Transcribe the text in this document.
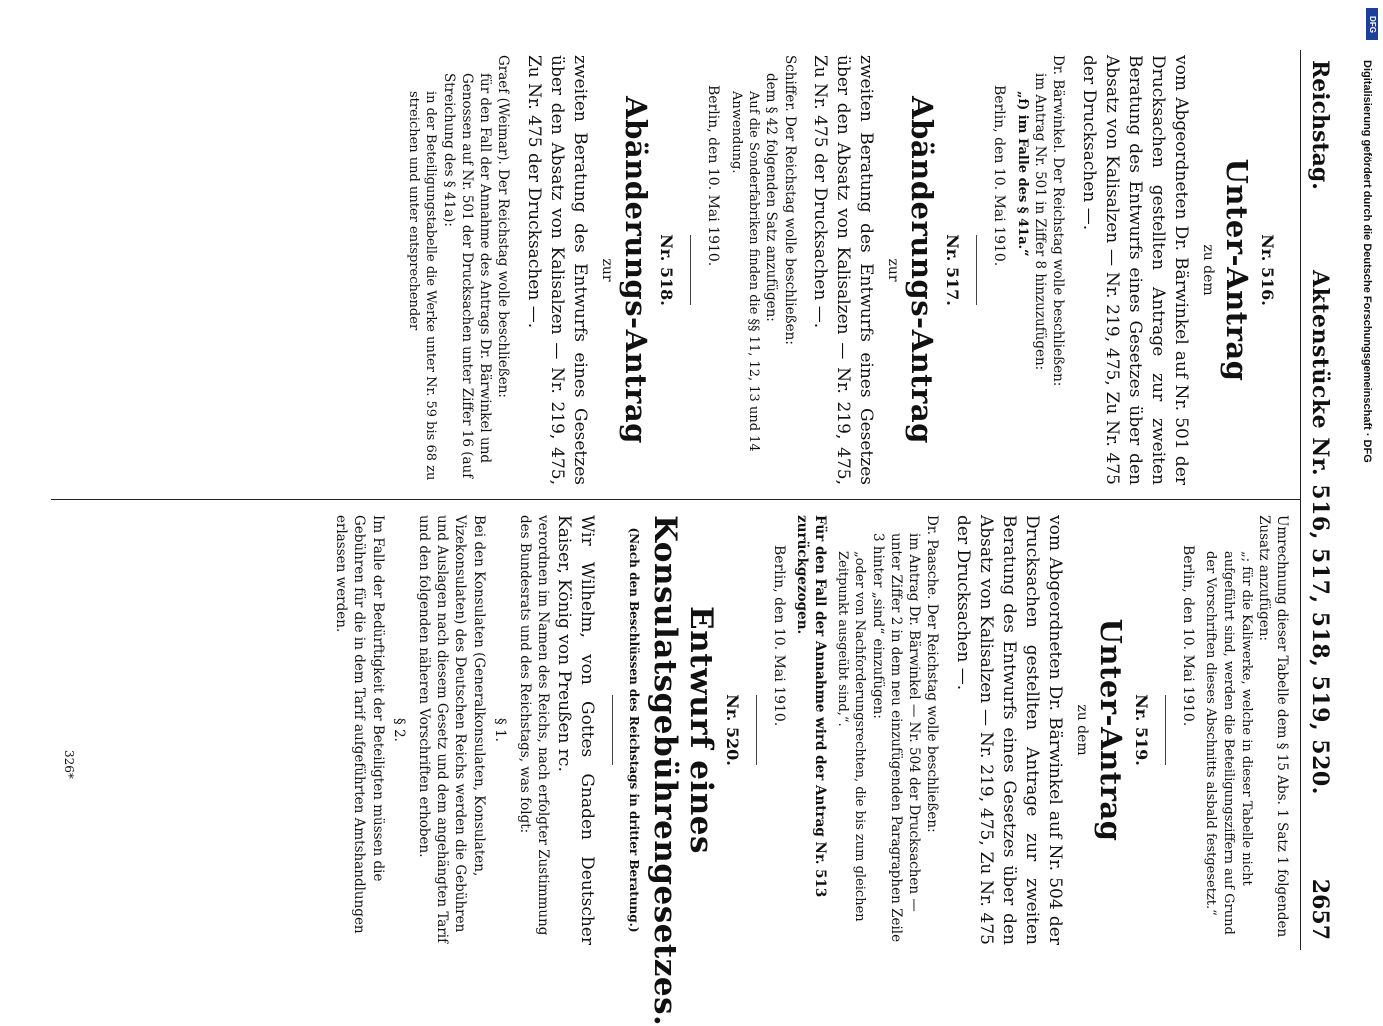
Reichstag.
Aktenstücke Nr. 516, 517, 518, 519, 520.
2657
Nr. 516.
Unter-Antrag
zu dem
vom Abgeordneten Dr. Bärwinkel auf Nr. 501 der Drucksachen gestellten Antrage zur zweiten Beratung des Entwurfs eines Gesetzes über den Absatz von Kalisalzen — Nr. 219, 475, Zu Nr. 475 der Drucksachen —.
Dr. Bärwinkel. Der Reichstag wolle beschließen:
im Antrag Nr. 501 in Ziffer 8 hinzuzufügen:
„f) im Falle des § 41a.“
Berlin, den 10. Mai 1910.
Nr. 517.
Abänderungs-Antrag
zur
zweiten Beratung des Entwurfs eines Gesetzes über den Absatz von Kalisalzen — Nr. 219, 475, Zu Nr. 475 der Drucksachen —.
Schiffer. Der Reichstag wolle beschließen:
dem § 42 folgenden Satz anzufügen:
Auf die Sonderfabriken finden die §§ 11, 12, 13 und 14 Anwendung.
Berlin, den 10. Mai 1910.
Nr. 518.
Abänderungs-Antrag
zur
zweiten Beratung des Entwurfs eines Gesetzes über den Absatz von Kalisalzen — Nr. 219, 475, Zu Nr. 475 der Drucksachen —.
Graef (Weimar). Der Reichstag wolle beschließen:
für den Fall der Annahme des Antrags Dr. Bärwinkel und Genossen auf Nr. 501 der Drucksachen unter Ziffer 16 (auf Streichung des § 41a):
in der Beteiligungstabelle die Werke unter Nr. 59 bis 68 zu streichen und unter entsprechender
Umrechnung dieser Tabelle dem § 15 Abs. 1 Satz 1 folgenden Zusatz anzufügen:
„; für die Kaliwerke, welche in dieser Tabelle nicht aufgeführt sind, werden die Beteiligungsziffern auf Grund der Vorschriften dieses Abschnitts alsbald festgesetzt.“
Berlin, den 10. Mai 1910.
Nr. 519.
Unter-Antrag
zu dem
vom Abgeordneten Dr. Bärwinkel auf Nr. 504 der Drucksachen gestellten Antrage zur zweiten Beratung des Entwurfs eines Gesetzes über den Absatz von Kalisalzen — Nr. 219, 475, Zu Nr. 475 der Drucksachen —.
Dr. Paasche. Der Reichstag wolle beschließen:
im Antrag Dr. Bärwinkel — Nr. 504 der Drucksachen — unter Ziffer 2 in dem neu einzufügenden Paragraphen Zeile 3 hinter „sind“ einzufügen:
„oder von Nachforderungsrechten, die bis zum gleichen Zeitpunkt ausgeübt sind,“.
Für den Fall der Annahme wird der Antrag Nr. 513 zurückgezogen.
Berlin, den 10. Mai 1910.
Nr. 520.
Entwurf eines Konsulatsgebührengesetzes.
(Nach den Beschlüssen des Reichstags in dritter Beratung.)
Wir Wilhelm, von Gottes Gnaden Deutscher Kaiser, König von Preußen rc.
verordnen im Namen des Reichs, nach erfolgter Zustimmung des Bundesrats und des Reichstags, was folgt:
§ 1.
Bei den Konsulaten (Generalkonsulaten, Konsulaten, Vizekonsulaten) des Deutschen Reichs werden die Gebühren und Auslagen nach diesem Gesetz und dem angehängten Tarif und den folgenden näheren Vorschriften erhoben.
§ 2.
Im Falle der Bedürftigkeit der Beteiligten müssen die Gebühren für die in dem Tarif aufgeführten Amtshandlungen erlassen werden.
326*
DFG
Digitalisierung gefördert durch die Deutsche Forschungsgemeinschaft · DFG
